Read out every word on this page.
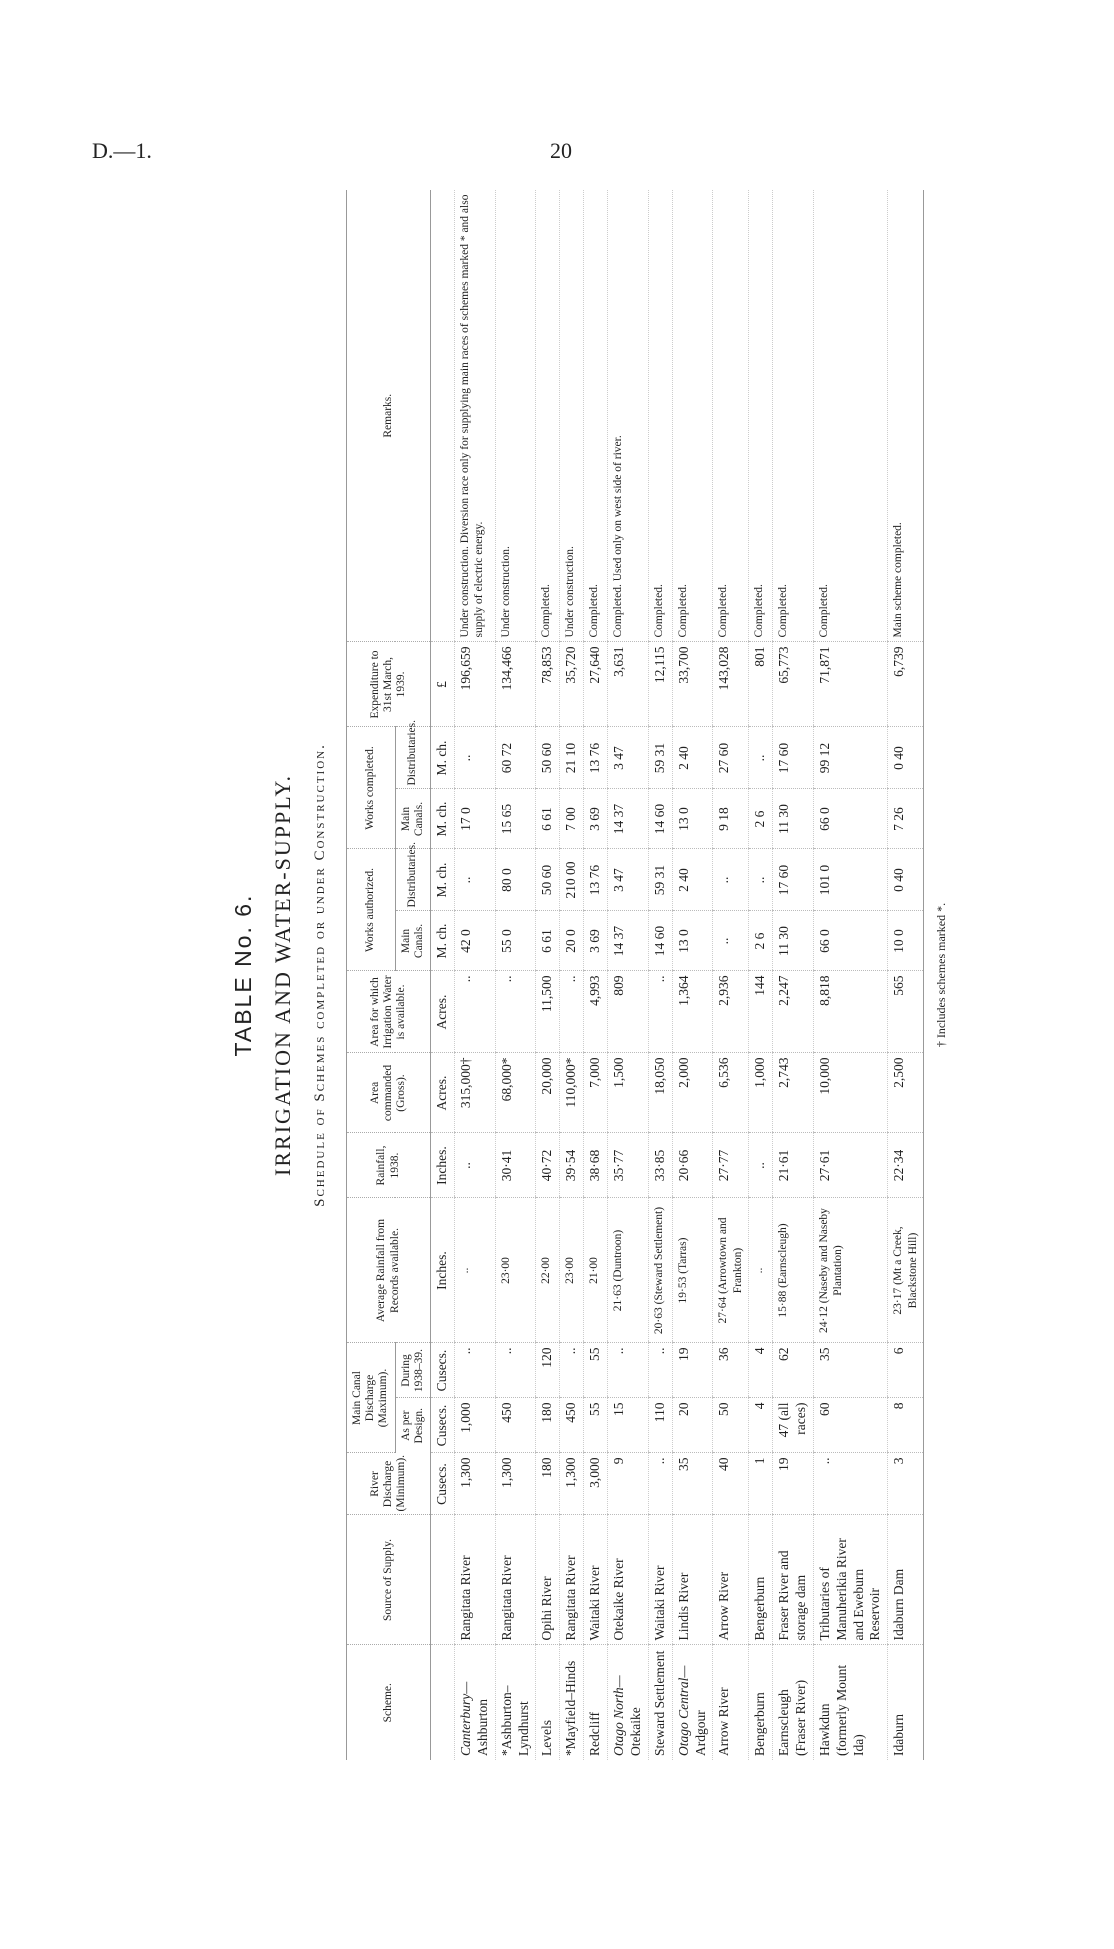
D.—1.	20
TABLE No. 6. IRRIGATION AND WATER-SUPPLY.	Schedule of Schemes completed or under Construction.
Scheme.	Source of Supply.	River Discharge (Minimum).	Main Canal Discharge (Maximum).		Average Rainfall from Records available.	Rainfall, 1938.	Area commanded (Gross).	Area for which Irrigation Water is available.	Works authorized.		Works completed.		Expenditure to 31st March, 1939.	Remarks.
			As per Design.	During 1938–39.					Main Canals.	Distributaries.	Main Canals.	Distributaries.		
		Cusecs.	Cusecs.	Cusecs.	Inches.	Inches.	Acres.	Acres.	M. ch.	M. ch.	M. ch.	M. ch.	£	

Canterbury— Ashburton	Rangitata River	1,300	1,000	..	..	..	315,000†	..	42 0	..	17 0	..	196,659	Under construction. Diversion race only for supplying main races of schemes marked * and also supply of electric energy.

*Ashburton–Lyndhurst	Rangitata River	1,300	450	..	23·00	30·41	68,000*	..	55 0	80 0	15 65	60 72	134,466	Under construction.

Levels	Opihi River	180	180	120	22·00	40·72	20,000	11,500	6 61	50 60	6 61	50 60	78,853	Completed.

*Mayfield–Hinds	Rangitata River	1,300	450	..	23·00	39·54	110,000*	..	20 0	210 00	7 00	21 10	35,720	Under construction.

Redcliff	Waitaki River	3,000	55	55	21·00	38·68	7,000	4,993	3 69	13 76	3 69	13 76	27,640	Completed.

Otago North— Otekaike	Otekaike River	9	15	..	21·63 (Duntroon)	35·77	1,500	809	14 37	3 47	14 37	3 47	3,631	Completed. Used only on west side of river.

Steward Settlement	Waitaki River	..	110	..	20·63 (Steward Settlement)	33·85	18,050	..	14 60	59 31	14 60	59 31	12,115	Completed.

Otago Central— Ardgour	Lindis River	35	20	19	19·53 (Tarras)	20·66	2,000	1,364	13 0	2 40	13 0	2 40	33,700	Completed.

Arrow River	Arrow River	40	50	36	27·64 (Arrowtown and Frankton)	27·77	6,536	2,936	..	..	9 18	27 60	143,028	Completed.

Bengerburn	Bengerburn	1	4	4	..	..	1,000	144	2 6	..	2 6	..	801	Completed.

Earnscleugh (Fraser River)	Fraser River and storage dam	19	47 (all races)	62	15·88 (Earnscleugh)	21·61	2,743	2,247	11 30	17 60	11 30	17 60	65,773	Completed.

Hawkdun (formerly Mount Ida)	Tributaries of Manuherikia River and Eweburn Reservoir	..	60	35	24·12 (Naseby and Naseby Plantation)	27·61	10,000	8,818	66 0	101 0	66 0	99 12	71,871	Completed.

Idaburn	Idaburn Dam	3	8	6	23·17 (Mt a Creek, Blackstone Hill)	22·34	2,500	565	10 0	0 40	7 26	0 40	6,739	Main scheme completed.
† Includes schemes marked *.
